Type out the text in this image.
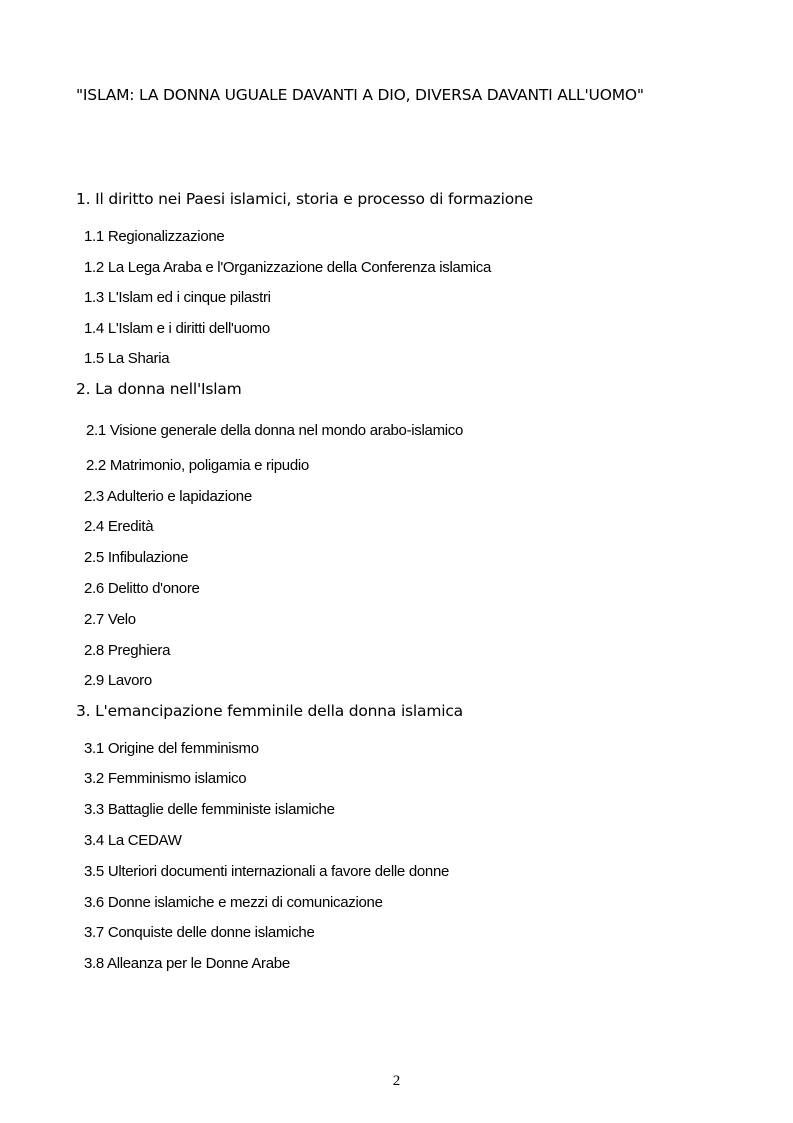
"ISLAM: LA DONNA UGUALE DAVANTI A DIO, DIVERSA DAVANTI ALL'UOMO"
1. Il diritto nei Paesi islamici, storia e processo di formazione
1.1 Regionalizzazione
1.2 La Lega Araba e l'Organizzazione della Conferenza islamica
1.3 L'Islam ed i cinque pilastri
1.4 L'Islam e i diritti dell'uomo
1.5 La Sharia
2. La donna nell'Islam
2.1 Visione generale della donna nel mondo arabo-islamico
2.2 Matrimonio, poligamia e ripudio
2.3 Adulterio e lapidazione
2.4 Eredità
2.5 Infibulazione
2.6 Delitto d'onore
2.7 Velo
2.8 Preghiera
2.9 Lavoro
3. L'emancipazione femminile della donna islamica
3.1 Origine del femminismo
3.2 Femminismo islamico
3.3 Battaglie delle femministe islamiche
3.4 La CEDAW
3.5 Ulteriori documenti internazionali a favore delle donne
3.6 Donne islamiche e mezzi di comunicazione
3.7 Conquiste delle donne islamiche
3.8 Alleanza per le Donne Arabe
2
